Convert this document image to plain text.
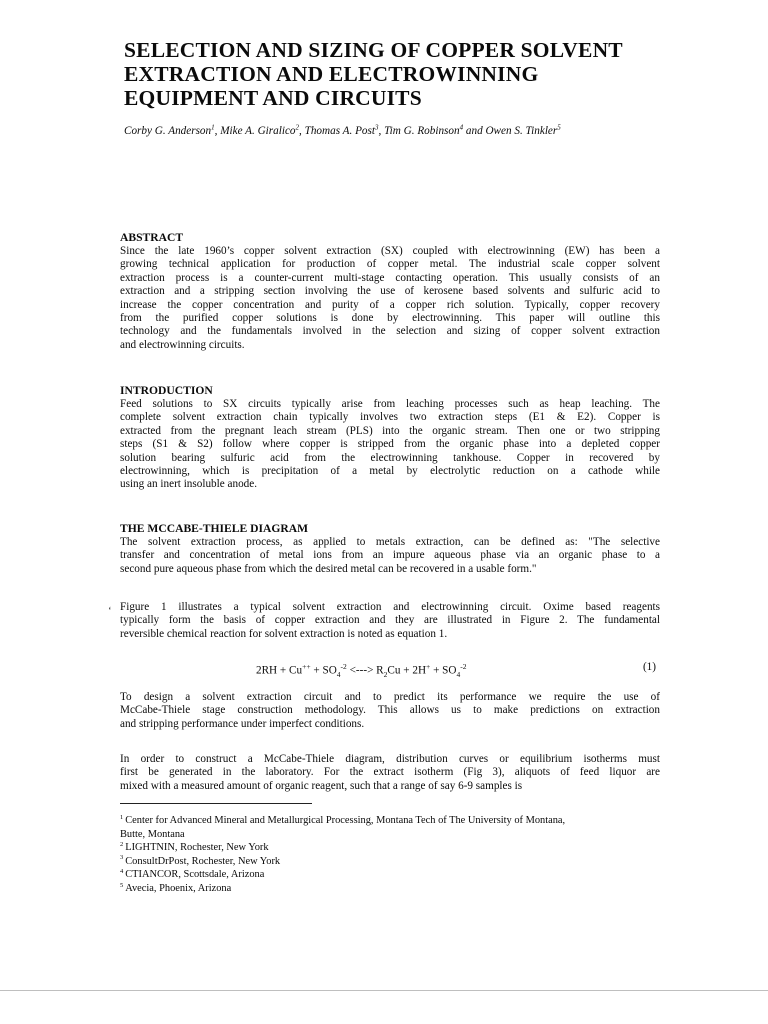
SELECTION AND SIZING OF COPPER SOLVENT
EXTRACTION AND ELECTROWINNING
EQUIPMENT AND CIRCUITS
Corby G. Anderson$^1$, Mike A. Giralico$^2$, Thomas A. Post$^3$, Tim G. Robinson$^4$ and Owen S. Tinkler$^5$
ABSTRACT

Since the late 1960’s copper solvent extraction (SX) coupled with electrowinning (EW) has been a
growing technical application for production of copper metal. The industrial scale copper solvent
extraction process is a counter-current multi-stage contacting operation. This usually consists of an
extraction and a stripping section involving the use of kerosene based solvents and sulfuric acid to
increase the copper concentration and purity of a copper rich solution. Typically, copper recovery
from the purified copper solutions is done by electrowinning. This paper will outline this
technology and the fundamentals involved in the selection and sizing of copper solvent extraction
and electrowinning circuits.

INTRODUCTION

Feed solutions to SX circuits typically arise from leaching processes such as heap leaching. The
complete solvent extraction chain typically involves two extraction steps (E1 & E2). Copper is
extracted from the pregnant leach stream (PLS) into the organic stream. Then one or two stripping
steps (S1 & S2) follow where copper is stripped from the organic phase into a depleted copper
solution bearing sulfuric acid from the electrowinning tankhouse. Copper in recovered by
electrowinning, which is precipitation of a metal by electrolytic reduction on a cathode while
using an inert insoluble anode.

THE MCCABE-THIELE DIAGRAM

The solvent extraction process, as applied to metals extraction, can be defined as: "The selective
transfer and concentration of metal ions from an impure aqueous phase via an organic phase to a
second pure aqueous phase from which the desired metal can be recovered in a usable form."

‘ Figure 1 illustrates a typical solvent extraction and electrowinning circuit. Oxime based reagents
typically form the basis of copper extraction and they are illustrated in Figure 2. The fundamental
reversible chemical reaction for solvent extraction is noted as equation 1.

$2RH + Cu^{++} + SO_4^{-2}$ <---> $R_2Cu + 2H^+ + SO_4^{-2}$	(1)

To design a solvent extraction circuit and to predict its performance we require the use of
McCabe-Thiele stage construction methodology. This allows us to make predictions on extraction
and stripping performance under imperfect conditions.

In order to construct a McCabe-Thiele diagram, distribution curves or equilibrium isotherms must
first be generated in the laboratory. For the extract isotherm (Fig 3), aliquots of feed liquor are
mixed with a measured amount of organic reagent, such that a range of say 6-9 samples is

$^1$ Center for Advanced Mineral and Metallurgical Processing, Montana Tech of The University of Montana,
Butte, Montana
$^2$ LIGHTNIN, Rochester, New York
$^3$ ConsultDrPost, Rochester, New York
$^4$ CTIANCOR, Scottsdale, Arizona
$^5$ Avecia, Phoenix, Arizona
